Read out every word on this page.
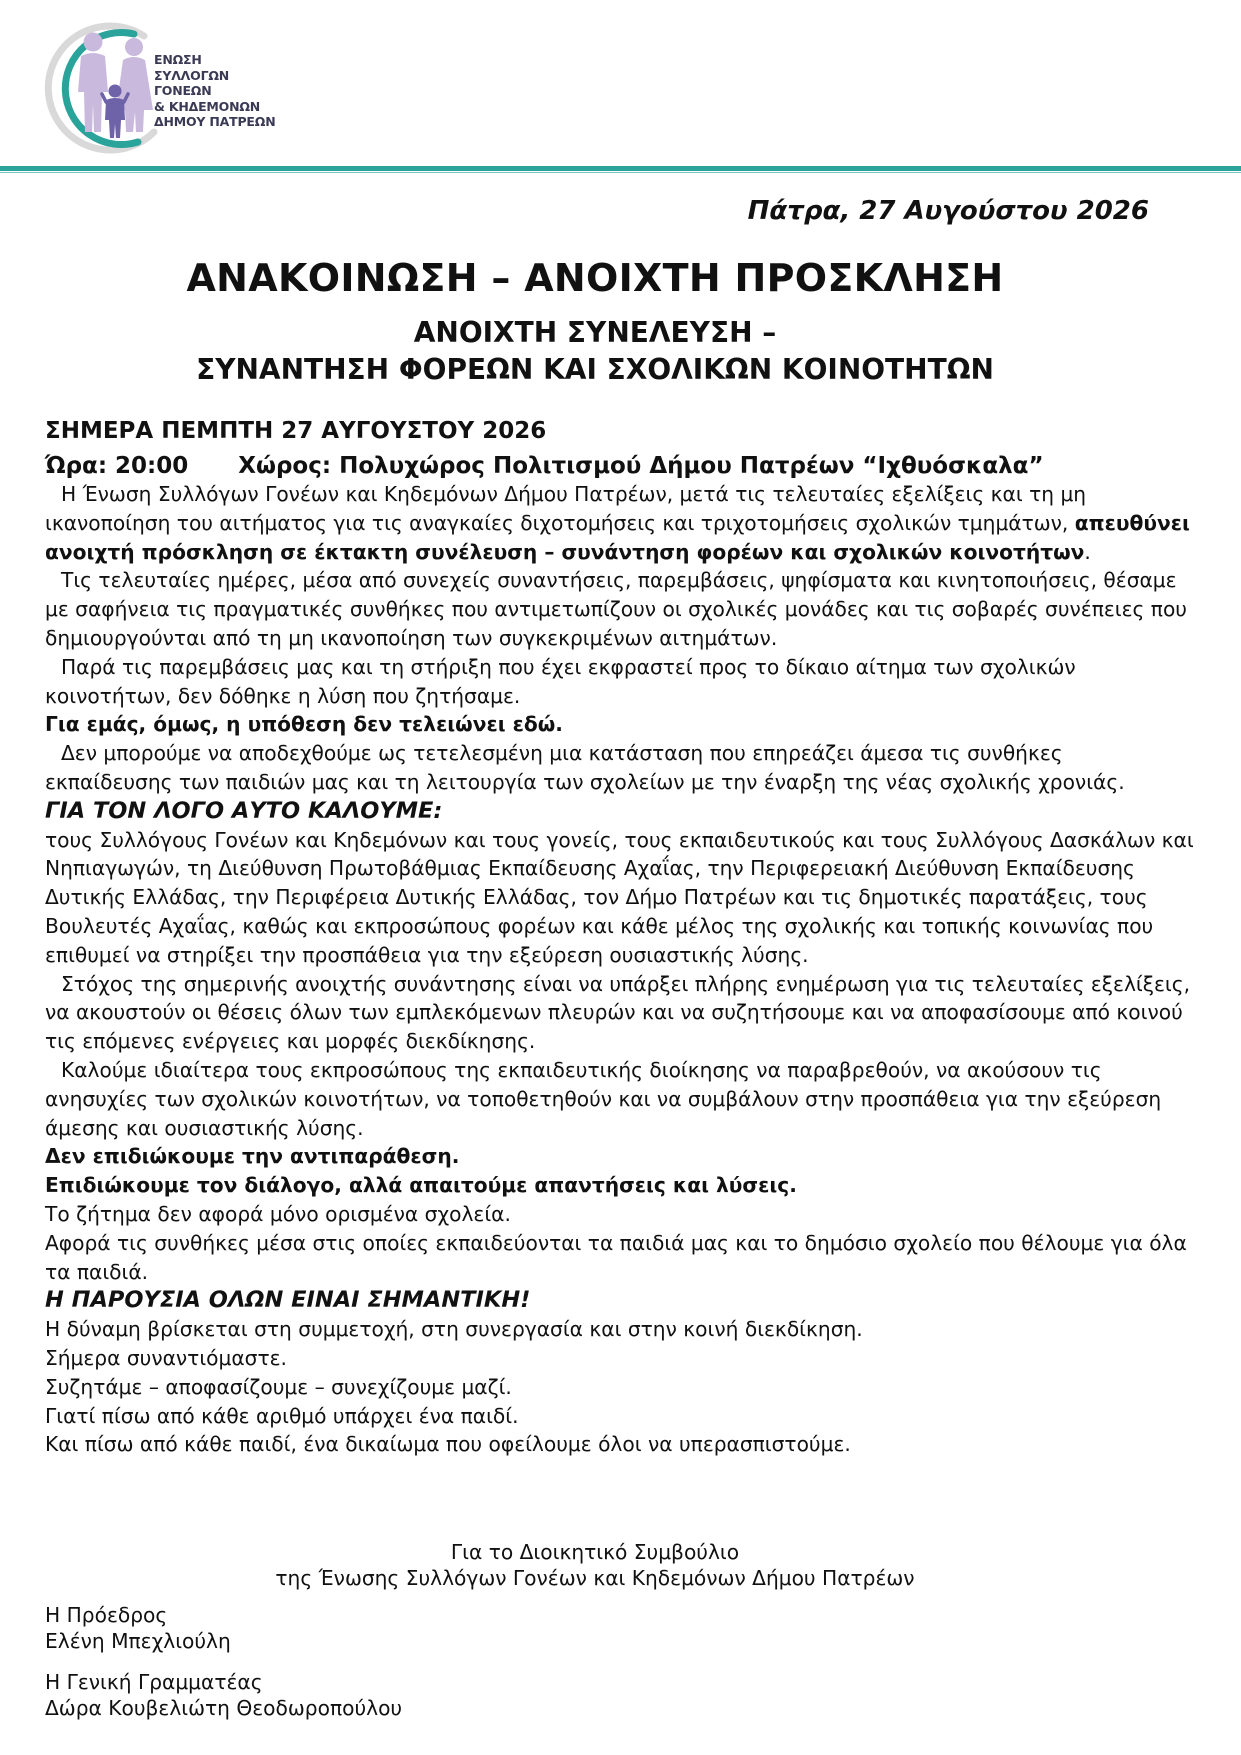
ΕΝΩΣΗ
ΣΥΛΛΟΓΩΝ
ΓΟΝΕΩΝ
& ΚΗΔΕΜΟΝΩΝ
ΔΗΜΟΥ ΠΑΤΡΕΩΝ
Πάτρα, 27 Αυγούστου 2026
ΑΝΑΚΟΙΝΩΣΗ – ΑΝΟΙΧΤΗ ΠΡΟΣΚΛΗΣΗ
ΑΝΟΙΧΤΗ ΣΥΝΕΛΕΥΣΗ –
ΣΥΝΑΝΤΗΣΗ ΦΟΡΕΩΝ ΚΑΙ ΣΧΟΛΙΚΩΝ ΚΟΙΝΟΤΗΤΩΝ
ΣΗΜΕΡΑ ΠΕΜΠΤΗ 27 ΑΥΓΟΥΣΤΟΥ 2026
Ώρα: 20:00 Χώρος: Πολυχώρος Πολιτισμού Δήμου Πατρέων “Ιχθυόσκαλα”

Η Ένωση Συλλόγων Γονέων και Κηδεμόνων Δήμου Πατρέων, μετά τις τελευταίες εξελίξεις και τη μη ικανοποίηση του αιτήματος για τις αναγκαίες διχοτομήσεις και τριχοτομήσεις σχολικών τμημάτων, απευθύνει ανοιχτή πρόσκληση σε έκτακτη συνέλευση – συνάντηση φορέων και σχολικών κοινοτήτων.

Τις τελευταίες ημέρες, μέσα από συνεχείς συναντήσεις, παρεμβάσεις, ψηφίσματα και κινητοποιήσεις, θέσαμε με σαφήνεια τις πραγματικές συνθήκες που αντιμετωπίζουν οι σχολικές μονάδες και τις σοβαρές συνέπειες που δημιουργούνται από τη μη ικανοποίηση των συγκεκριμένων αιτημάτων.

Παρά τις παρεμβάσεις μας και τη στήριξη που έχει εκφραστεί προς το δίκαιο αίτημα των σχολικών κοινοτήτων, δεν δόθηκε η λύση που ζητήσαμε.

Για εμάς, όμως, η υπόθεση δεν τελειώνει εδώ.

Δεν μπορούμε να αποδεχθούμε ως τετελεσμένη μια κατάσταση που επηρεάζει άμεσα τις συνθήκες εκπαίδευσης των παιδιών μας και τη λειτουργία των σχολείων με την έναρξη της νέας σχολικής χρονιάς.

ΓΙΑ ΤΟΝ ΛΟΓΟ ΑΥΤΟ ΚΑΛΟΥΜΕ:

τους Συλλόγους Γονέων και Κηδεμόνων και τους γονείς, τους εκπαιδευτικούς και τους Συλλόγους Δασκάλων και Νηπιαγωγών, τη Διεύθυνση Πρωτοβάθμιας Εκπαίδευσης Αχαΐας, την Περιφερειακή Διεύθυνση Εκπαίδευσης Δυτικής Ελλάδας, την Περιφέρεια Δυτικής Ελλάδας, τον Δήμο Πατρέων και τις δημοτικές παρατάξεις, τους Βουλευτές Αχαΐας, καθώς και εκπροσώπους φορέων και κάθε μέλος της σχολικής και τοπικής κοινωνίας που επιθυμεί να στηρίξει την προσπάθεια για την εξεύρεση ουσιαστικής λύσης.

Στόχος της σημερινής ανοιχτής συνάντησης είναι να υπάρξει πλήρης ενημέρωση για τις τελευταίες εξελίξεις, να ακουστούν οι θέσεις όλων των εμπλεκόμενων πλευρών και να συζητήσουμε και να αποφασίσουμε από κοινού τις επόμενες ενέργειες και μορφές διεκδίκησης.

Καλούμε ιδιαίτερα τους εκπροσώπους της εκπαιδευτικής διοίκησης να παραβρεθούν, να ακούσουν τις ανησυχίες των σχολικών κοινοτήτων, να τοποθετηθούν και να συμβάλουν στην προσπάθεια για την εξεύρεση άμεσης και ουσιαστικής λύσης.

Δεν επιδιώκουμε την αντιπαράθεση.

Επιδιώκουμε τον διάλογο, αλλά απαιτούμε απαντήσεις και λύσεις.

Το ζήτημα δεν αφορά μόνο ορισμένα σχολεία.

Αφορά τις συνθήκες μέσα στις οποίες εκπαιδεύονται τα παιδιά μας και το δημόσιο σχολείο που θέλουμε για όλα τα παιδιά.

Η ΠΑΡΟΥΣΙΑ ΟΛΩΝ ΕΙΝΑΙ ΣΗΜΑΝΤΙΚΗ!

Η δύναμη βρίσκεται στη συμμετοχή, στη συνεργασία και στην κοινή διεκδίκηση.

Σήμερα συναντιόμαστε.

Συζητάμε – αποφασίζουμε – συνεχίζουμε μαζί.

Γιατί πίσω από κάθε αριθμό υπάρχει ένα παιδί.

Και πίσω από κάθε παιδί, ένα δικαίωμα που οφείλουμε όλοι να υπερασπιστούμε.

Για το Διοικητικό Συμβούλιο
της Ένωσης Συλλόγων Γονέων και Κηδεμόνων Δήμου Πατρέων
Η Πρόεδρος
Ελένη Μπεχλιούλη
Η Γενική Γραμματέας
Δώρα Κουβελιώτη Θεοδωροπούλου
